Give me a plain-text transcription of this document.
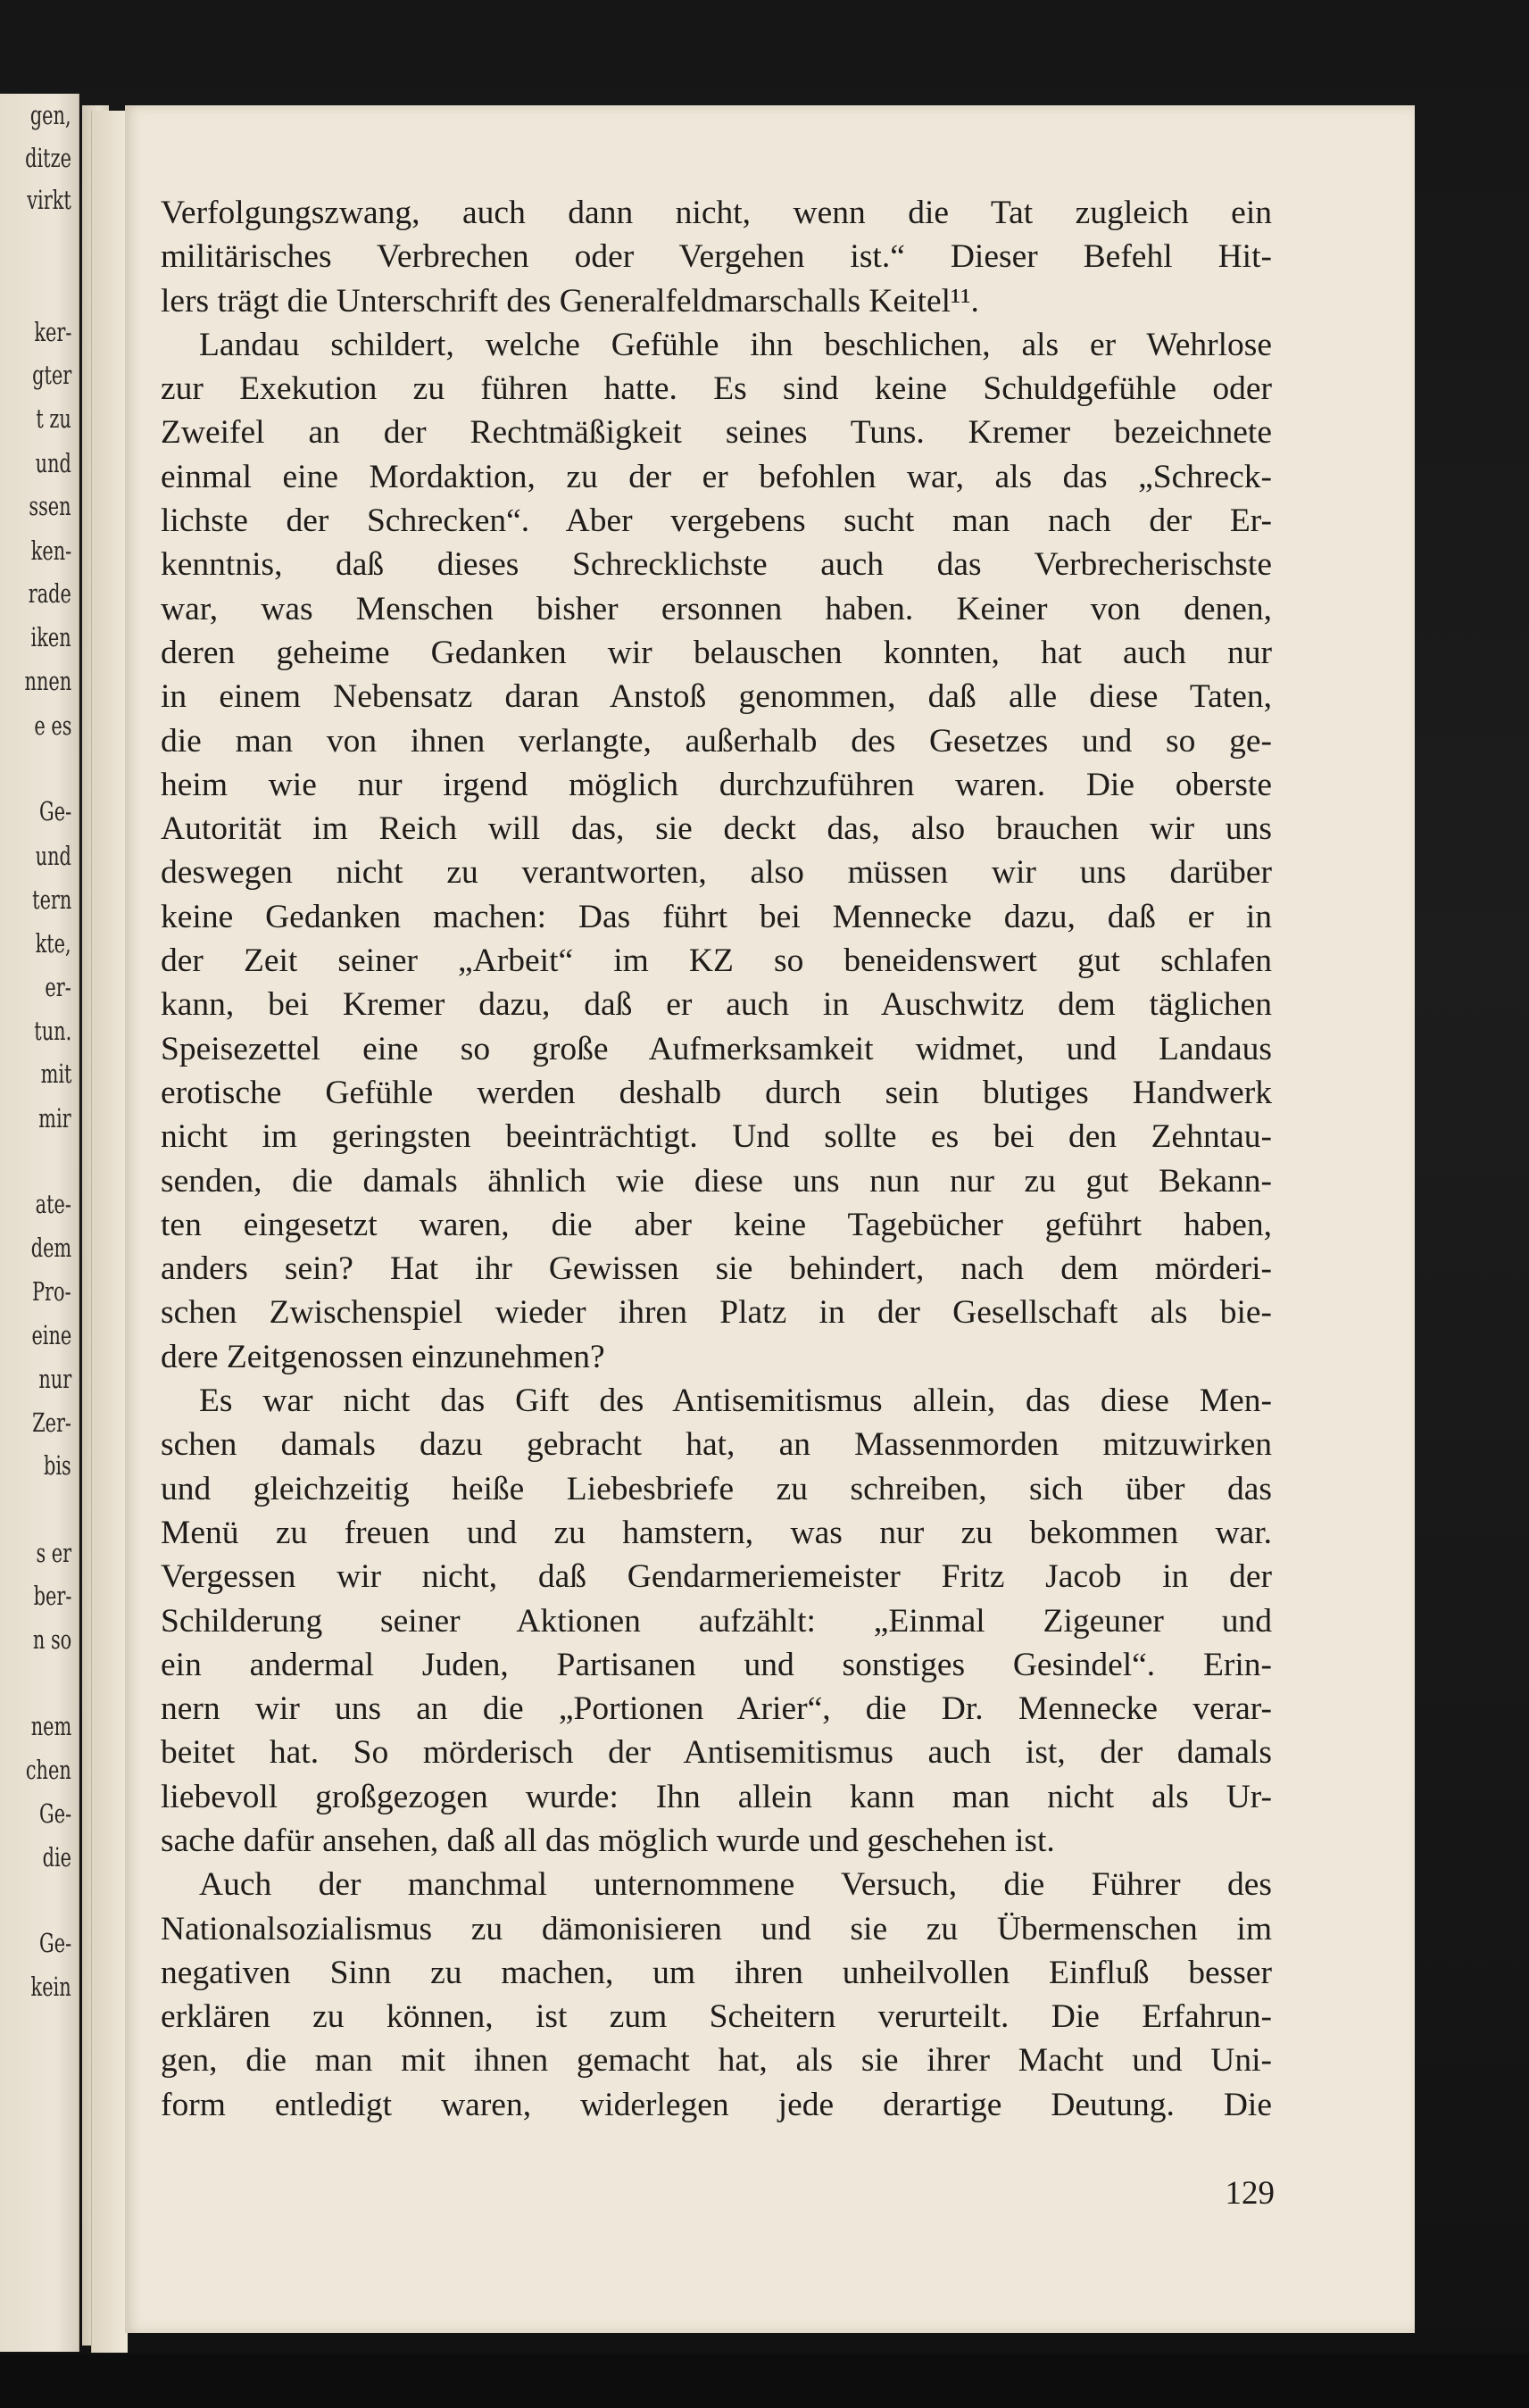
gen,
ditze
virkt
ker-
gter
t zu
und
ssen
ken-
rade
iken
nnen
e es
Ge-
und
tern
kte,
er-
tun.
mit
mir
ate-
dem
Pro-
eine
nur
Zer-
bis
s er
ber-
n so
nem
chen
Ge-
die
Ge-
kein

Verfolgungszwang, auch dann nicht, wenn die Tat zugleich ein

militärisches Verbrechen oder Vergehen ist.“ Dieser Befehl Hit-

lers trägt die Unterschrift des Generalfeldmarschalls Keitel¹¹.

Landau schildert, welche Gefühle ihn beschlichen, als er Wehrlose

zur Exekution zu führen hatte. Es sind keine Schuldgefühle oder

Zweifel an der Rechtmäßigkeit seines Tuns. Kremer bezeichnete

einmal eine Mordaktion, zu der er befohlen war, als das „Schreck-

lichste der Schrecken“. Aber vergebens sucht man nach der Er-

kenntnis, daß dieses Schrecklichste auch das Verbrecherischste

war, was Menschen bisher ersonnen haben. Keiner von denen,

deren geheime Gedanken wir belauschen konnten, hat auch nur

in einem Nebensatz daran Anstoß genommen, daß alle diese Taten,

die man von ihnen verlangte, außerhalb des Gesetzes und so ge-

heim wie nur irgend möglich durchzuführen waren. Die oberste

Autorität im Reich will das, sie deckt das, also brauchen wir uns

deswegen nicht zu verantworten, also müssen wir uns darüber

keine Gedanken machen: Das führt bei Mennecke dazu, daß er in

der Zeit seiner „Arbeit“ im KZ so beneidenswert gut schlafen

kann, bei Kremer dazu, daß er auch in Auschwitz dem täglichen

Speisezettel eine so große Aufmerksamkeit widmet, und Landaus

erotische Gefühle werden deshalb durch sein blutiges Handwerk

nicht im geringsten beeinträchtigt. Und sollte es bei den Zehntau-

senden, die damals ähnlich wie diese uns nun nur zu gut Bekann-

ten eingesetzt waren, die aber keine Tagebücher geführt haben,

anders sein? Hat ihr Gewissen sie behindert, nach dem mörderi-

schen Zwischenspiel wieder ihren Platz in der Gesellschaft als bie-

dere Zeitgenossen einzunehmen?

Es war nicht das Gift des Antisemitismus allein, das diese Men-

schen damals dazu gebracht hat, an Massenmorden mitzuwirken

und gleichzeitig heiße Liebesbriefe zu schreiben, sich über das

Menü zu freuen und zu hamstern, was nur zu bekommen war.

Vergessen wir nicht, daß Gendarmeriemeister Fritz Jacob in der

Schilderung seiner Aktionen aufzählt: „Einmal Zigeuner und

ein andermal Juden, Partisanen und sonstiges Gesindel“. Erin-

nern wir uns an die „Portionen Arier“, die Dr. Mennecke verar-

beitet hat. So mörderisch der Antisemitismus auch ist, der damals

liebevoll großgezogen wurde: Ihn allein kann man nicht als Ur-

sache dafür ansehen, daß all das möglich wurde und geschehen ist.

Auch der manchmal unternommene Versuch, die Führer des

Nationalsozialismus zu dämonisieren und sie zu Übermenschen im

negativen Sinn zu machen, um ihren unheilvollen Einfluß besser

erklären zu können, ist zum Scheitern verurteilt. Die Erfahrun-

gen, die man mit ihnen gemacht hat, als sie ihrer Macht und Uni-

form entledigt waren, widerlegen jede derartige Deutung. Die

129
